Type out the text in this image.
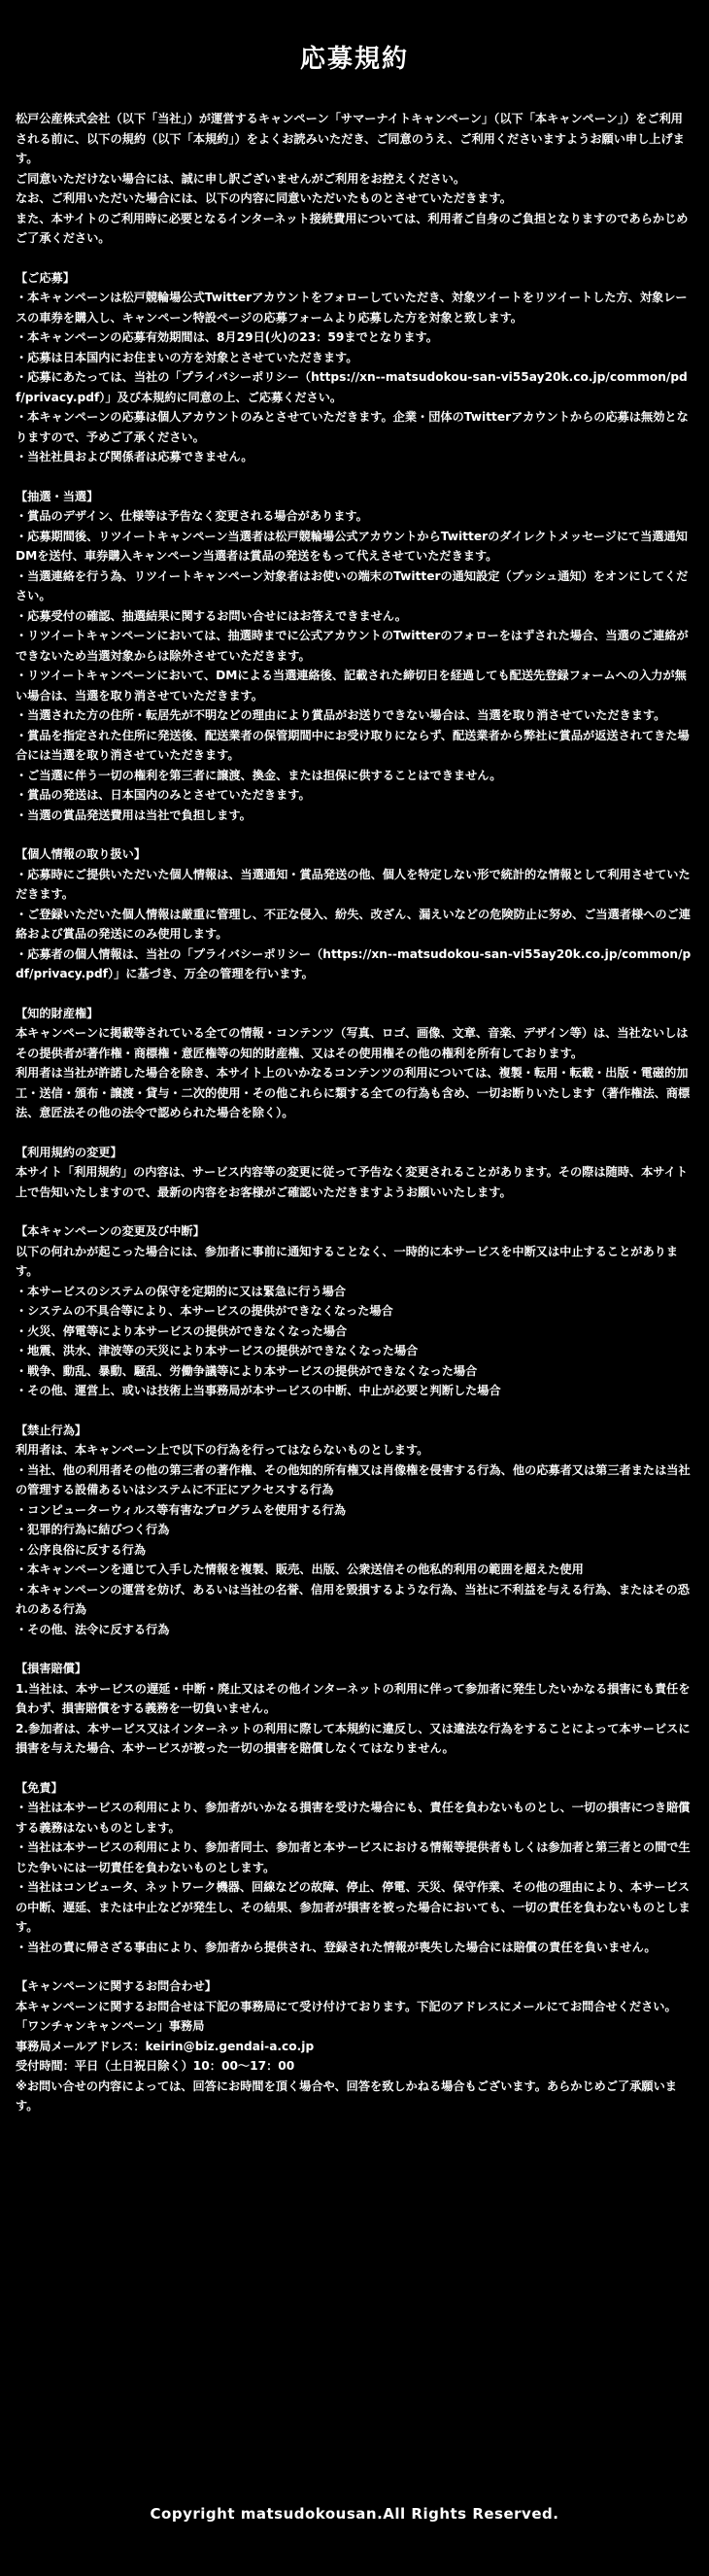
応募規約
松戸公産株式会社（以下「当社」）が運営するキャンペーン「サマーナイトキャンペーン」（以下「本キャンペーン」）をご利用される前に、以下の規約（以下「本規約」）をよくお読みいただき、ご同意のうえ、ご利用くださいますようお願い申し上げます。
ご同意いただけない場合には、誠に申し訳ございませんがご利用をお控えください。
なお、ご利用いただいた場合には、以下の内容に同意いただいたものとさせていただきます。
また、本サイトのご利用時に必要となるインターネット接続費用については、利用者ご自身のご負担となりますのであらかじめご了承ください。
【ご応募】
・本キャンペーンは松戸競輪場公式Twitterアカウントをフォローしていただき、対象ツイートをリツイートした方、対象レースの車券を購入し、キャンペーン特設ページの応募フォームより応募した方を対象と致します。
・本キャンペーンの応募有効期間は、8月29日(火)の23：59までとなります。
・応募は日本国内にお住まいの方を対象とさせていただきます。
・応募にあたっては、当社の「プライバシーポリシー（https://xn--matsudokou-san-vi55ay20k.co.jp/common/pdf/privacy.pdf）」及び本規約に同意の上、ご応募ください。
・本キャンペーンの応募は個人アカウントのみとさせていただきます。企業・団体のTwitterアカウントからの応募は無効となりますので、予めご了承ください。
・当社社員および関係者は応募できません。
【抽選・当選】
・賞品のデザイン、仕様等は予告なく変更される場合があります。
・応募期間後、リツイートキャンペーン当選者は松戸競輪場公式アカウントからTwitterのダイレクトメッセージにて当選通知DMを送付、車券購入キャンペーン当選者は賞品の発送をもって代えさせていただきます。
・当選連絡を行う為、リツイートキャンペーン対象者はお使いの端末のTwitterの通知設定（プッシュ通知）をオンにしてください。
・応募受付の確認、抽選結果に関するお問い合せにはお答えできません。
・リツイートキャンペーンにおいては、抽選時までに公式アカウントのTwitterのフォローをはずされた場合、当選のご連絡ができないため当選対象からは除外させていただきます。
・リツイートキャンペーンにおいて、DMによる当選連絡後、記載された締切日を経過しても配送先登録フォームへの入力が無い場合は、当選を取り消させていただきます。
・当選された方の住所・転居先が不明などの理由により賞品がお送りできない場合は、当選を取り消させていただきます。
・賞品を指定された住所に発送後、配送業者の保管期間中にお受け取りにならず、配送業者から弊社に賞品が返送されてきた場合には当選を取り消させていただきます。
・ご当選に伴う一切の権利を第三者に譲渡、換金、または担保に供することはできません。
・賞品の発送は、日本国内のみとさせていただきます。
・当選の賞品発送費用は当社で負担します。
【個人情報の取り扱い】
・応募時にご提供いただいた個人情報は、当選通知・賞品発送の他、個人を特定しない形で統計的な情報として利用させていただきます。
・ご登録いただいた個人情報は厳重に管理し、不正な侵入、紛失、改ざん、漏えいなどの危険防止に努め、ご当選者様へのご連絡および賞品の発送にのみ使用します。
・応募者の個人情報は、当社の「プライバシーポリシー（https://xn--matsudokou-san-vi55ay20k.co.jp/common/pdf/privacy.pdf）」に基づき、万全の管理を行います。
【知的財産権】
本キャンペーンに掲載等されている全ての情報・コンテンツ（写真、ロゴ、画像、文章、音楽、デザイン等）は、当社ないしはその提供者が著作権・商標権・意匠権等の知的財産権、又はその使用権その他の権利を所有しております。
利用者は当社が許諾した場合を除き、本サイト上のいかなるコンテンツの利用については、複製・転用・転載・出版・電磁的加工・送信・頒布・譲渡・貸与・二次的使用・その他これらに類する全ての行為も含め、一切お断りいたします（著作権法、商標法、意匠法その他の法令で認められた場合を除く）。
【利用規約の変更】
本サイト「利用規約」の内容は、サービス内容等の変更に従って予告なく変更されることがあります。その際は随時、本サイト上で告知いたしますので、最新の内容をお客様がご確認いただきますようお願いいたします。
【本キャンペーンの変更及び中断】
以下の何れかが起こった場合には、参加者に事前に通知することなく、一時的に本サービスを中断又は中止することがあります。
・本サービスのシステムの保守を定期的に又は緊急に行う場合
・システムの不具合等により、本サービスの提供ができなくなった場合
・火災、停電等により本サービスの提供ができなくなった場合
・地震、洪水、津波等の天災により本サービスの提供ができなくなった場合
・戦争、動乱、暴動、騒乱、労働争議等により本サービスの提供ができなくなった場合
・その他、運営上、或いは技術上当事務局が本サービスの中断、中止が必要と判断した場合
【禁止行為】
利用者は、本キャンペーン上で以下の行為を行ってはならないものとします。
・当社、他の利用者その他の第三者の著作権、その他知的所有権又は肖像権を侵害する行為、他の応募者又は第三者または当社の管理する設備あるいはシステムに不正にアクセスする行為
・コンピューターウィルス等有害なプログラムを使用する行為
・犯罪的行為に結びつく行為
・公序良俗に反する行為
・本キャンペーンを通じて入手した情報を複製、販売、出版、公衆送信その他私的利用の範囲を超えた使用
・本キャンペーンの運営を妨げ、あるいは当社の名誉、信用を毀損するような行為、当社に不利益を与える行為、またはその恐れのある行為
・その他、法令に反する行為
【損害賠償】
1.当社は、本サービスの遅延・中断・廃止又はその他インターネットの利用に伴って参加者に発生したいかなる損害にも責任を負わず、損害賠償をする義務を一切負いません。
2.参加者は、本サービス又はインターネットの利用に際して本規約に違反し、又は違法な行為をすることによって本サービスに損害を与えた場合、本サービスが被った一切の損害を賠償しなくてはなりません。
【免責】
・当社は本サービスの利用により、参加者がいかなる損害を受けた場合にも、責任を負わないものとし、一切の損害につき賠償する義務はないものとします。
・当社は本サービスの利用により、参加者同士、参加者と本サービスにおける情報等提供者もしくは参加者と第三者との間で生じた争いには一切責任を負わないものとします。
・当社はコンピュータ、ネットワーク機器、回線などの故障、停止、停電、天災、保守作業、その他の理由により、本サービスの中断、遅延、または中止などが発生し、その結果、参加者が損害を被った場合においても、一切の責任を負わないものとします。
・当社の責に帰さざる事由により、参加者から提供され、登録された情報が喪失した場合には賠償の責任を負いません。
【キャンペーンに関するお問合わせ】
本キャンペーンに関するお問合せは下記の事務局にて受け付けております。下記のアドレスにメールにてお問合せください。
「ワンチャンキャンペーン」事務局
事務局メールアドレス：keirin@biz.gendai-a.co.jp
受付時間：平日（土日祝日除く）10：00～17：00
※お問い合せの内容によっては、回答にお時間を頂く場合や、回答を致しかねる場合もございます。あらかじめご了承願います。
Copyright matsudokousan.All Rights Reserved.
